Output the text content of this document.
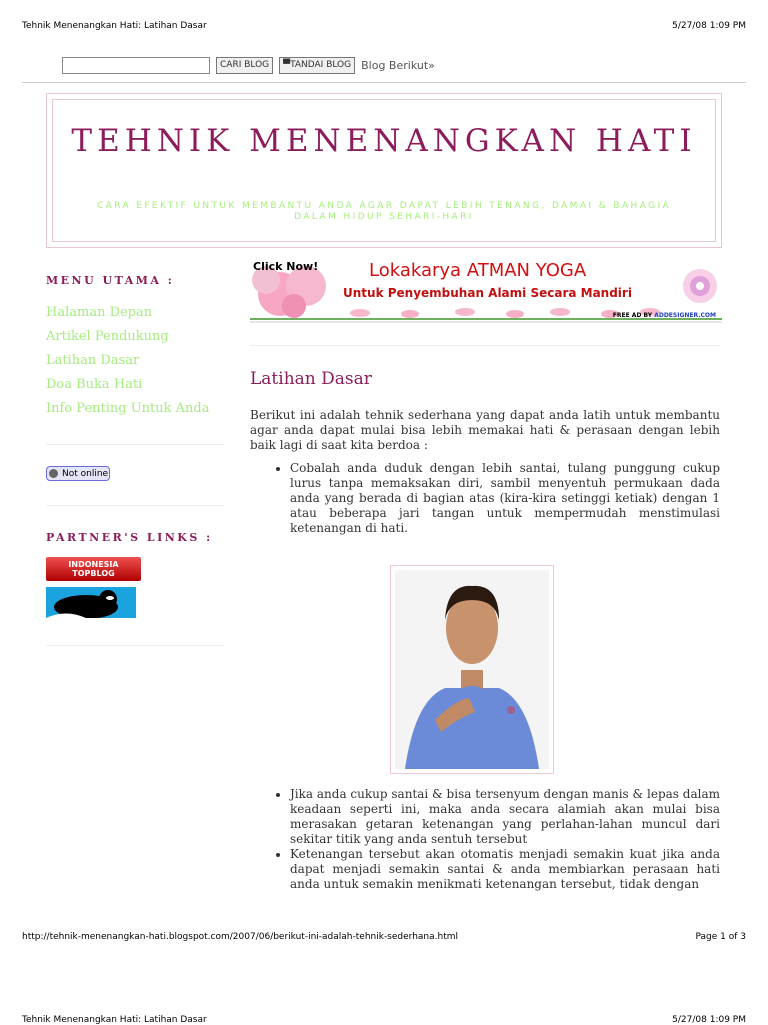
Tehnik Menenangkan Hati: Latihan Dasar	5/27/08 1:09 PM
CARI BLOG	▀TANDAI BLOG Blog Berikut»
TEHNIK MENENANGKAN HATI
CARA EFEKTIF UNTUK MEMBANTU ANDA AGAR DAPAT LEBIH TENANG, DAMAI & BAHAGIA DALAM HIDUP SEHARI-HARI
MENU UTAMA :
Halaman Depan
Artikel Pendukung
Latihan Dasar
Doa Buka Hati
Info Penting Untuk Anda
Not online
PARTNER'S LINKS :
INDONESIA
TOPBLOG
Click Now!	Lokakarya ATMAN YOGA
Untuk Penyembuhan Alami Secara Mandiri
FREE AD BY ADDESIGNER.COM
Latihan Dasar

Berikut ini adalah tehnik sederhana yang dapat anda latih untuk membantu agar anda dapat mulai bisa lebih memakai hati & perasaan dengan lebih baik lagi di saat kita berdoa :

• Cobalah anda duduk dengan lebih santai, tulang punggung cukup lurus tanpa memaksakan diri, sambil menyentuh permukaan dada anda yang berada di bagian atas (kira-kira setinggi ketiak) dengan 1 atau beberapa jari tangan untuk mempermudah menstimulasi ketenangan di hati.
• Jika anda cukup santai & bisa tersenyum dengan manis & lepas dalam keadaan seperti ini, maka anda secara alamiah akan mulai bisa merasakan getaran ketenangan yang perlahan-lahan muncul dari sekitar titik yang anda sentuh tersebut
• Ketenangan tersebut akan otomatis menjadi semakin kuat jika anda dapat menjadi semakin santai & anda membiarkan perasaan hati anda untuk semakin menikmati ketenangan tersebut, tidak dengan
http://tehnik-menenangkan-hati.blogspot.com/2007/06/berikut-ini-adalah-tehnik-sederhana.html	Page 1 of 3
Tehnik Menenangkan Hati: Latihan Dasar	5/27/08 1:09 PM
